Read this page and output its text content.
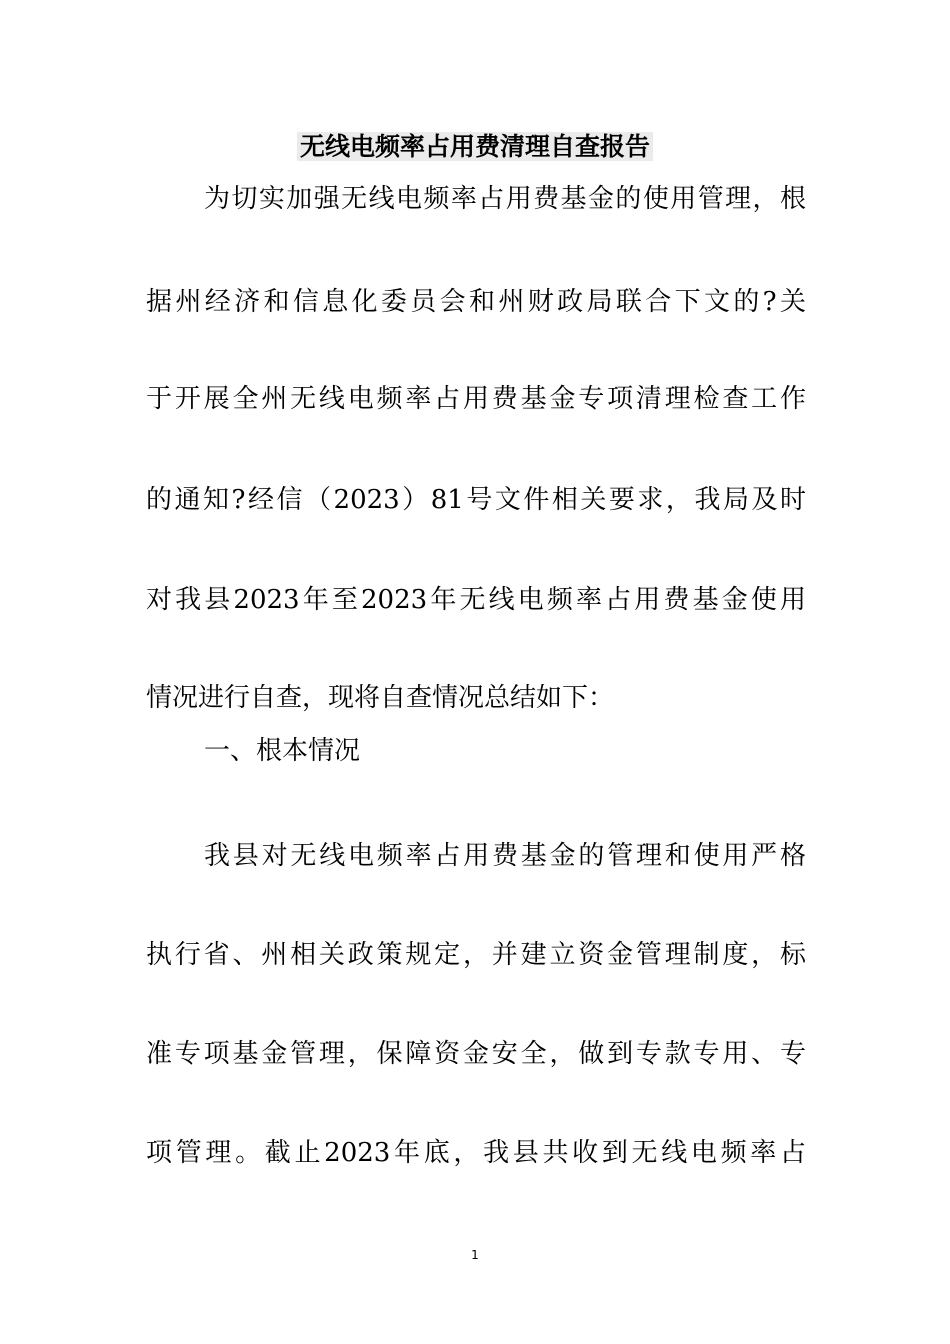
无线电频率占用费清理自查报告
为切实加强无线电频率占用费基金的使用管理，根
据州经济和信息化委员会和州财政局联合下文的?关
于开展全州无线电频率占用费基金专项清理检查工作
的通知?经信（2023）81号文件相关要求，我局及时
对我县2023年至2023年无线电频率占用费基金使用
情况进行自查，现将自查情况总结如下：
一、根本情况
我县对无线电频率占用费基金的管理和使用严格
执行省、州相关政策规定，并建立资金管理制度，标
准专项基金管理，保障资金安全，做到专款专用、专
项管理。截止2023年底，我县共收到无线电频率占
1
